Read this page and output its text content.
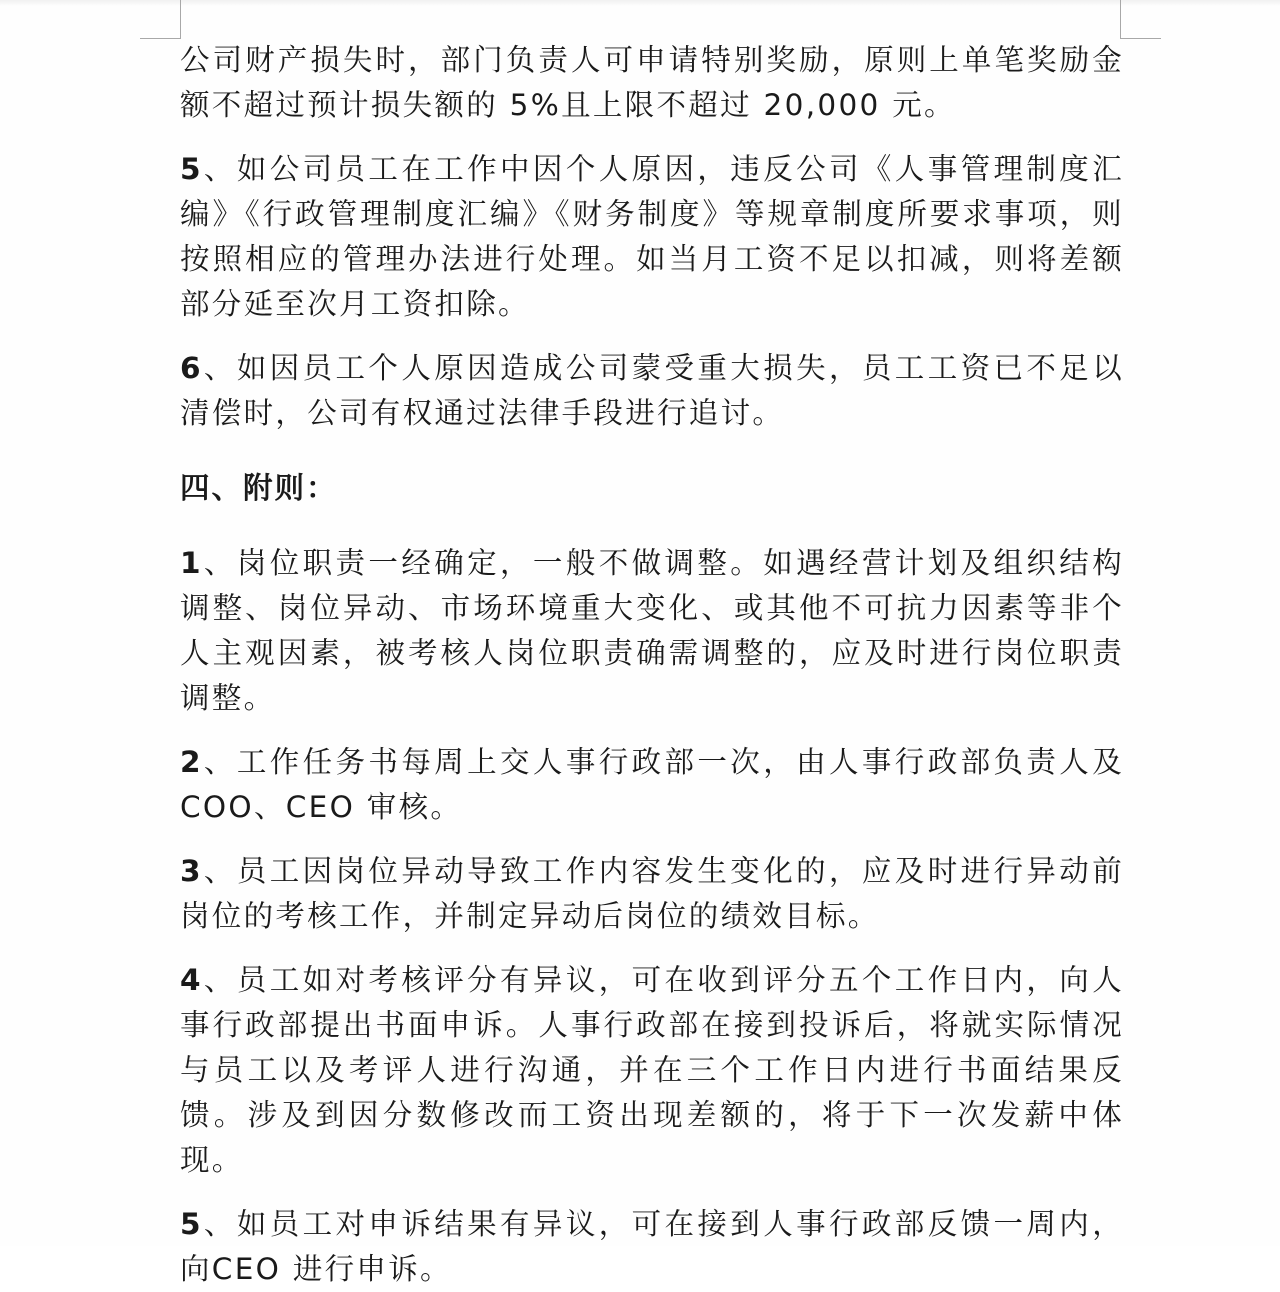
公司财产损失时，部门负责人可申请特别奖励，原则上单笔奖励金额不超过预计损失额的 5%且上限不超过 20,000 元。

5、如公司员工在工作中因个人原因，违反公司《人事管理制度汇编》《行政管理制度汇编》《财务制度》等规章制度所要求事项，则按照相应的管理办法进行处理。如当月工资不足以扣减，则将差额部分延至次月工资扣除。

6、如因员工个人原因造成公司蒙受重大损失，员工工资已不足以清偿时，公司有权通过法律手段进行追讨。

四、附则：

1、岗位职责一经确定，一般不做调整。如遇经营计划及组织结构调整、岗位异动、市场环境重大变化、或其他不可抗力因素等非个人主观因素，被考核人岗位职责确需调整的，应及时进行岗位职责调整。

2、工作任务书每周上交人事行政部一次，由人事行政部负责人及 COO、CEO 审核。

3、员工因岗位异动导致工作内容发生变化的，应及时进行异动前岗位的考核工作，并制定异动后岗位的绩效目标。

4、员工如对考核评分有异议，可在收到评分五个工作日内，向人事行政部提出书面申诉。人事行政部在接到投诉后，将就实际情况与员工以及考评人进行沟通，并在三个工作日内进行书面结果反馈。涉及到因分数修改而工资出现差额的，将于下一次发薪中体现。

5、如员工对申诉结果有异议，可在接到人事行政部反馈一周内，向CEO 进行申诉。
